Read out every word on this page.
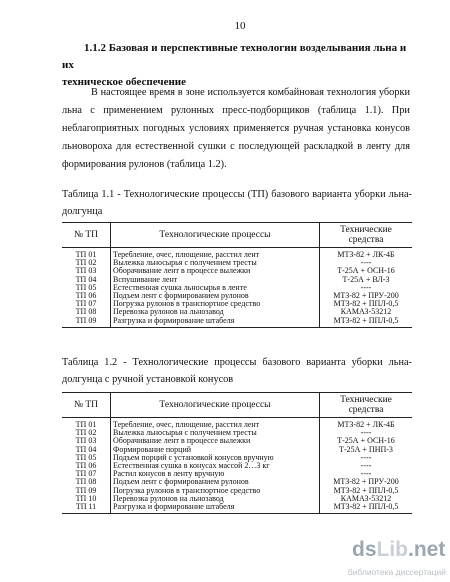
10
1.1.2 Базовая и перспективные технологии возделывания льна и их
техническое обеспечение
В настоящее время в зоне используется комбайновая технология уборки
льна с применением рулонных пресс-подборщиков (таблица 1.1). При
неблагоприятных погодных условиях применяется ручная установка конусов
льновороха для естественной сушки с последующей раскладкой в ленту для
формирования рулонов (таблица 1.2).
Таблица 1.1 - Технологические процессы (ТП) базового варианта уборки льна-
долгунца
№ ТП	Технологические процессы	Технические
средства

ТП 01	Теребление, очес, плющение, расстил лент	МТЗ-82 + ЛК-4Б
ТП 02	Вылежка льносырья с получением тресты	----
ТП 03	Оборачивание лент в процессе вылежки	Т-25А + ОСН-16
ТП 04	Вспушивание лент	Т-25А + ВЛ-3
ТП 05	Естественная сушка льносырья в ленте	----
ТП 06	Подъем лент с формированием рулонов	МТЗ-82 + ПРУ-200
ТП 07	Погрузка рулонов в транспортное средство	МТЗ-82 + ППЛ-0,5
ТП 08	Перевозка рулонов на льнозавод	КАМАЗ-53212
ТП 09	Разгрузка и формирование штабеля	МТЗ-82 + ППЛ-0,5
Таблица 1.2 - Технологические процессы базового варианта уборки льна-
долгунца с ручной установкой конусов
№ ТП	Технологические процессы	Технические
средства

ТП 01	Теребление, очес, плющение, расстил лент	МТЗ-82 + ЛК-4Б
ТП 02	Вылежка льносырья с получением тресты	----
ТП 03	Оборачивание лент в процессе вылежки	Т-25А + ОСН-16
ТП 04	Формирование порций	Т-25А + ПНП-3
ТП 05	Подъем порций с установкой конусов вручную	----
ТП 06	Естественная сушка в конусах массой 2…3 кг	----
ТП 07	Растил конусов в ленту вручную	----
ТП 08	Подъем лент с формированием рулонов	МТЗ-82 + ПРУ-200
ТП 09	Погрузка рулонов в транспортное средство	МТЗ-82 + ППЛ-0,5
ТП 10	Перевозка рулонов на льнозавод	КАМАЗ-53212
ТП 11	Разгрузка и формирование штабеля	МТЗ-82 + ППЛ-0,5
dsLib.net
библиотека диссертаций
